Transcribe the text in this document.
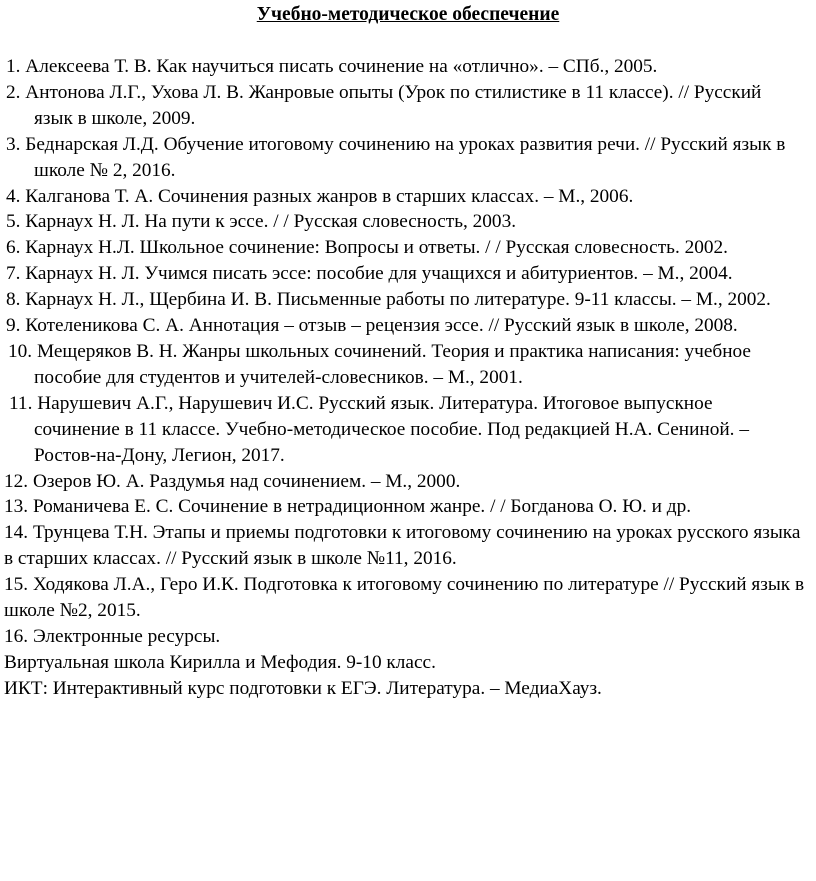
Учебно-методическое обеспечение
1. Алексеева Т. В. Как научиться писать сочинение на «отлично». – СПб., 2005.
2. Антонова Л.Г., Ухова Л. В. Жанровые опыты (Урок по стилистике в 11 классе). // Русский язык в школе, 2009.
3. Беднарская Л.Д. Обучение итоговому сочинению на уроках развития речи. // Русский язык в школе № 2, 2016.
4. Калганова Т. А. Сочинения разных жанров в старших классах. – М., 2006.
5. Карнаух Н. Л. На пути к эссе. / / Русская словесность, 2003.
6. Карнаух Н.Л. Школьное сочинение: Вопросы и ответы. / / Русская словесность. 2002.
7. Карнаух Н. Л. Учимся писать эссе: пособие для учащихся и абитуриентов. – М., 2004.
8. Карнаух Н. Л., Щербина И. В. Письменные работы по литературе. 9-11 классы. – М., 2002.
9. Котеленикова С. А. Аннотация – отзыв – рецензия эссе. // Русский язык в школе, 2008.
10. Мещеряков В. Н. Жанры школьных сочинений. Теория и практика написания: учебное пособие для студентов и учителей-словесников. – М., 2001.
11. Нарушевич А.Г., Нарушевич И.С. Русский язык. Литература. Итоговое выпускное сочинение в 11 классе. Учебно-методическое пособие. Под редакцией Н.А. Сениной. – Ростов-на-Дону, Легион, 2017.
12. Озеров Ю. А. Раздумья над сочинением. – М., 2000.
13. Романичева Е. С. Сочинение в нетрадиционном жанре. / / Богданова О. Ю. и др.
14. Трунцева Т.Н. Этапы и приемы подготовки к итоговому сочинению на уроках русского языка в старших классах. // Русский язык в школе №11, 2016.
15. Ходякова Л.А., Геро И.К. Подготовка к итоговому сочинению по литературе // Русский язык в школе №2, 2015.
16. Электронные ресурсы.
Виртуальная школа Кирилла и Мефодия. 9-10 класс.
ИКТ: Интерактивный курс подготовки к ЕГЭ. Литература. – МедиаХауз.
